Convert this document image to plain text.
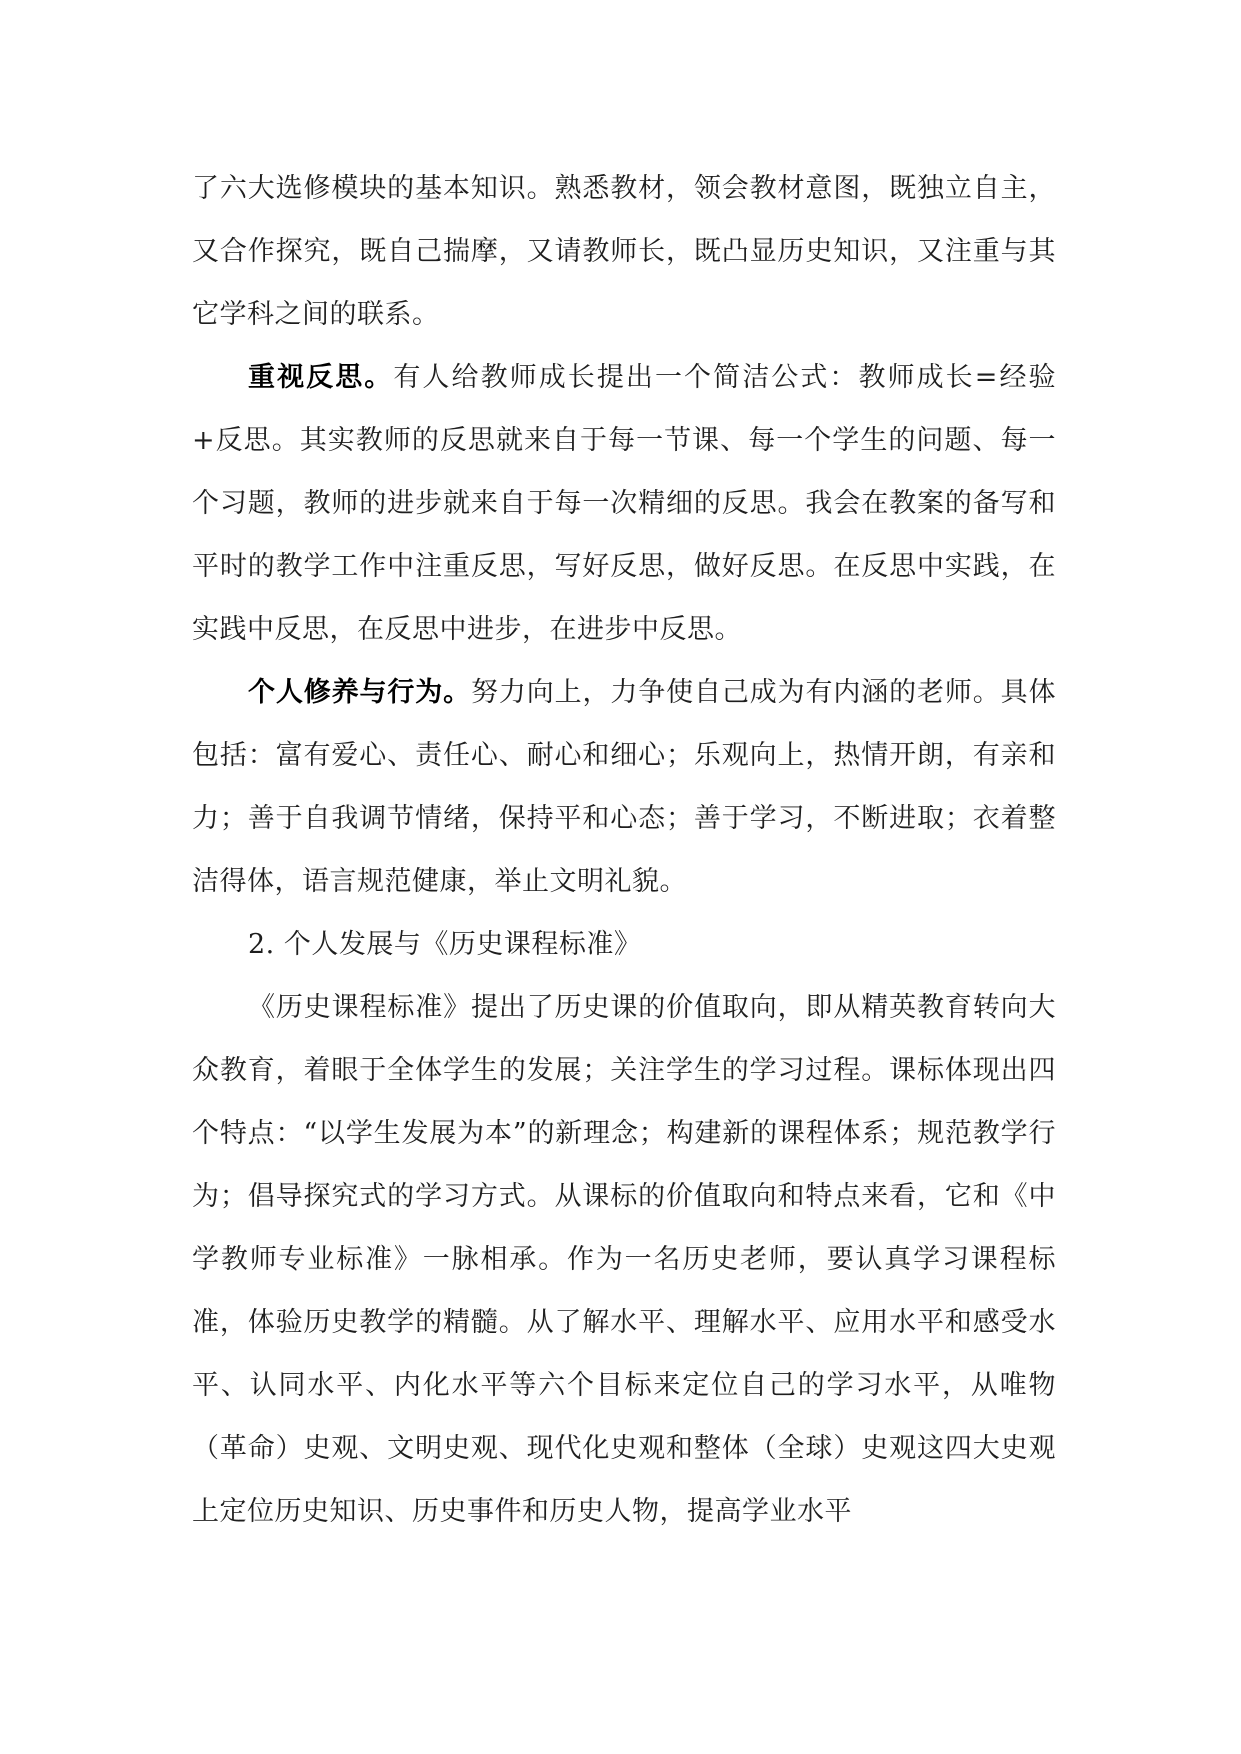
了六大选修模块的基本知识。熟悉教材，领会教材意图，既独立自主，又合作探究，既自己揣摩，又请教师长，既凸显历史知识，又注重与其它学科之间的联系。

重视反思。有人给教师成长提出一个简洁公式：教师成长=经验+反思。其实教师的反思就来自于每一节课、每一个学生的问题、每一个习题，教师的进步就来自于每一次精细的反思。我会在教案的备写和平时的教学工作中注重反思，写好反思，做好反思。在反思中实践，在实践中反思，在反思中进步，在进步中反思。

个人修养与行为。努力向上，力争使自己成为有内涵的老师。具体包括：富有爱心、责任心、耐心和细心；乐观向上，热情开朗，有亲和力；善于自我调节情绪，保持平和心态；善于学习，不断进取；衣着整洁得体，语言规范健康，举止文明礼貌。

2. 个人发展与《历史课程标准》

《历史课程标准》提出了历史课的价值取向，即从精英教育转向大众教育，着眼于全体学生的发展；关注学生的学习过程。课标体现出四个特点：“以学生发展为本”的新理念；构建新的课程体系；规范教学行为；倡导探究式的学习方式。从课标的价值取向和特点来看，它和《中学教师专业标准》一脉相承。作为一名历史老师，要认真学习课程标准，体验历史教学的精髓。从了解水平、理解水平、应用水平和感受水平、认同水平、内化水平等六个目标来定位自己的学习水平，从唯物（革命）史观、文明史观、现代化史观和整体（全球）史观这四大史观上定位历史知识、历史事件和历史人物，提高学业水平
